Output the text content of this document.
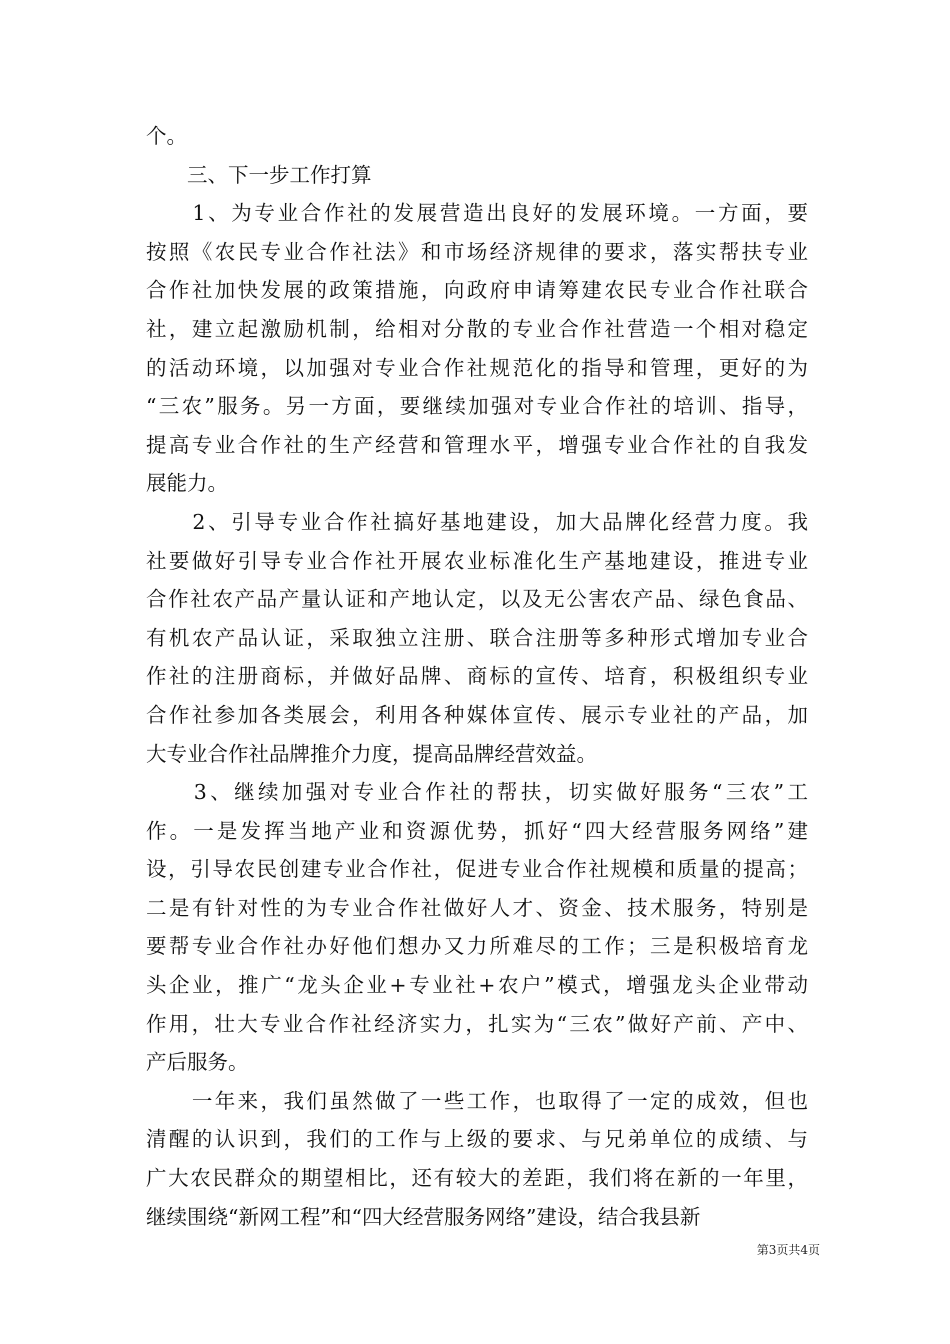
个。
　　三、下一步工作打算
　　1、为专业合作社的发展营造出良好的发展环境。一方面，要
按照《农民专业合作社法》和市场经济规律的要求，落实帮扶专业
合作社加快发展的政策措施，向政府申请筹建农民专业合作社联合
社，建立起激励机制，给相对分散的专业合作社营造一个相对稳定
的活动环境，以加强对专业合作社规范化的指导和管理，更好的为
“三农”服务。另一方面，要继续加强对专业合作社的培训、指导，
提高专业合作社的生产经营和管理水平，增强专业合作社的自我发
展能力。
　　2、引导专业合作社搞好基地建设，加大品牌化经营力度。我
社要做好引导专业合作社开展农业标准化生产基地建设，推进专业
合作社农产品产量认证和产地认定，以及无公害农产品、绿色食品、
有机农产品认证，采取独立注册、联合注册等多种形式增加专业合
作社的注册商标，并做好品牌、商标的宣传、培育，积极组织专业
合作社参加各类展会，利用各种媒体宣传、展示专业社的产品，加
大专业合作社品牌推介力度，提高品牌经营效益。
　　3、继续加强对专业合作社的帮扶，切实做好服务“三农”工
作。一是发挥当地产业和资源优势，抓好“四大经营服务网络”建
设，引导农民创建专业合作社，促进专业合作社规模和质量的提高；
二是有针对性的为专业合作社做好人才、资金、技术服务，特别是
要帮专业合作社办好他们想办又力所难尽的工作；三是积极培育龙
头企业，推广“龙头企业+专业社+农户”模式，增强龙头企业带动
作用，壮大专业合作社经济实力，扎实为“三农”做好产前、产中、
产后服务。
　　一年来，我们虽然做了一些工作，也取得了一定的成效，但也
清醒的认识到，我们的工作与上级的要求、与兄弟单位的成绩、与
广大农民群众的期望相比，还有较大的差距，我们将在新的一年里，
继续围绕“新网工程”和“四大经营服务网络”建设，结合我县新
第3页共4页
